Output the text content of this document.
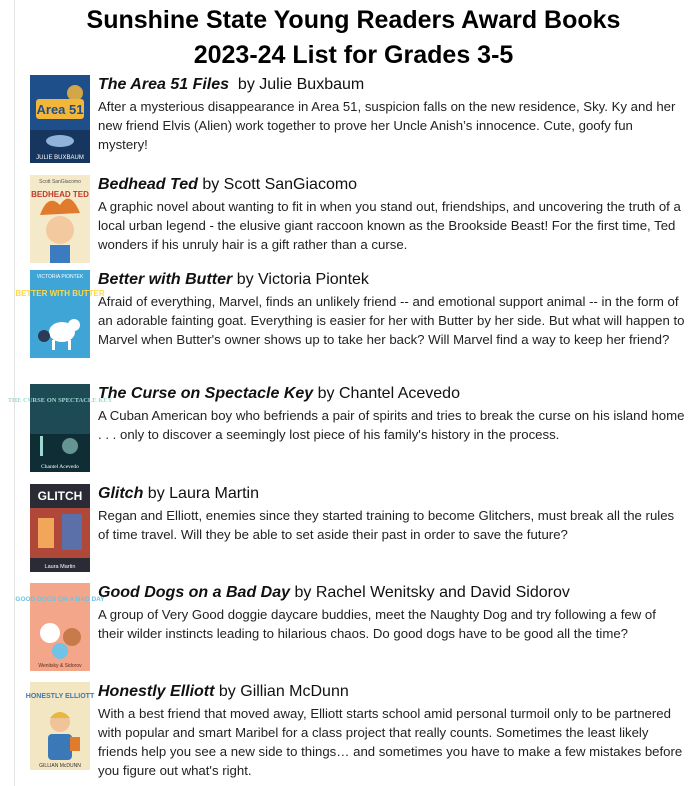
Sunshine State Young Readers Award Books
2023-24 List for Grades 3-5
Area 51
JULIE BUXBAUM
The Area 51 Files by Julie Buxbaum
After a mysterious disappearance in Area 51, suspicion falls on the new residence, Sky. Ky and her new friend Elvis (Alien) work together to prove her Uncle Anish’s innocence. Cute, goofy fun mystery!
BEDHEAD TED
Scott SanGiacomo Bedhead Ted by Scott SanGiacomo
A graphic novel about wanting to fit in when you stand out, friendships, and uncovering the truth of a local urban legend - the elusive giant raccoon known as the Brookside Beast! For the first time, Ted wonders if his unruly hair is a gift rather than a curse.
VICTORIA PIONTEK
BETTER WITH BUTTER
Better with Butter by Victoria Piontek
Afraid of everything, Marvel, finds an unlikely friend -- and emotional support animal -- in the form of an adorable fainting goat. Everything is easier for her with Butter by her side. But what will happen to Marvel when Butter's owner shows up to take her back? Will Marvel find a way to keep her friend?
THE CURSE ON SPECTACLE KEY
Chantel Acevedo
The Curse on Spectacle Key by Chantel Acevedo
A Cuban American boy who befriends a pair of spirits and tries to break the curse on his island home . . . only to discover a seemingly lost piece of his family's history in the process.
GLITCH
Laura Martin
Glitch by Laura Martin
Regan and Elliott, enemies since they started training to become Glitchers, must break all the rules of time travel. Will they be able to set aside their past in order to save the future?
GOOD DOGS ON A BAD DAY
Wenitsky & Sidorov
Good Dogs on a Bad Day by Rachel Wenitsky and David Sidorov
A group of Very Good doggie daycare buddies, meet the Naughty Dog and try following a few of their wilder instincts leading to hilarious chaos. Do good dogs have to be good all the time?
HONESTLY ELLIOTT
GILLIAN McDUNN
Honestly Elliott by Gillian McDunn
With a best friend that moved away, Elliott starts school amid personal turmoil only to be partnered with popular and smart Maribel for a class project that really counts. Sometimes the least likely friends help you see a new side to things… and sometimes you have to make a few mistakes before you figure out what's right.
